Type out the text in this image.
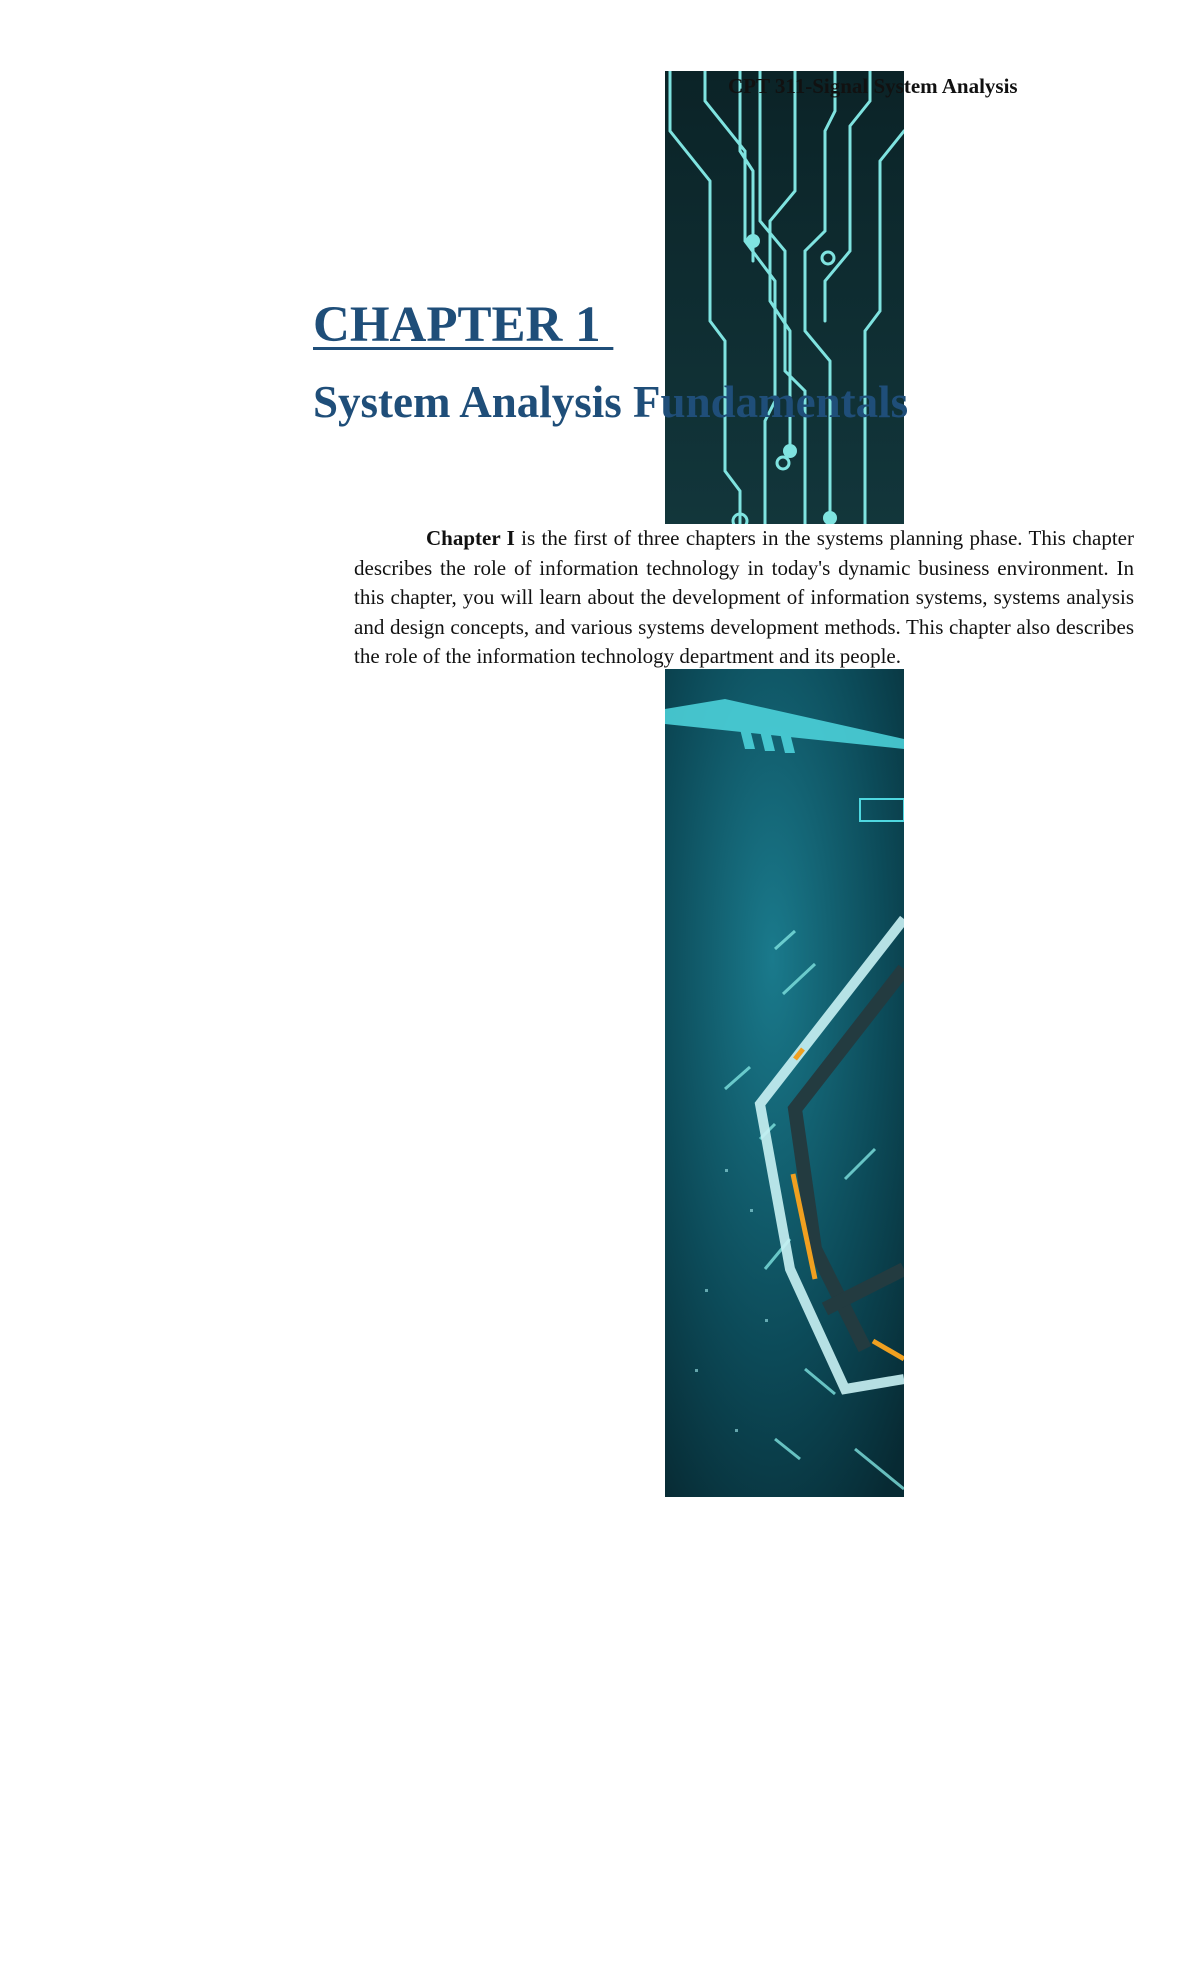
CPT 311-Signal System Analysis
CHAPTER 1
System Analysis Fundamentals

Chapter I is the first of three chapters in the systems planning phase. This chapter describes the role of information technology in today's dynamic business environment. In this chapter, you will learn about the development of information systems, systems analysis and design concepts, and various systems development methods. This chapter also describes the role of the information technology department and its people.
